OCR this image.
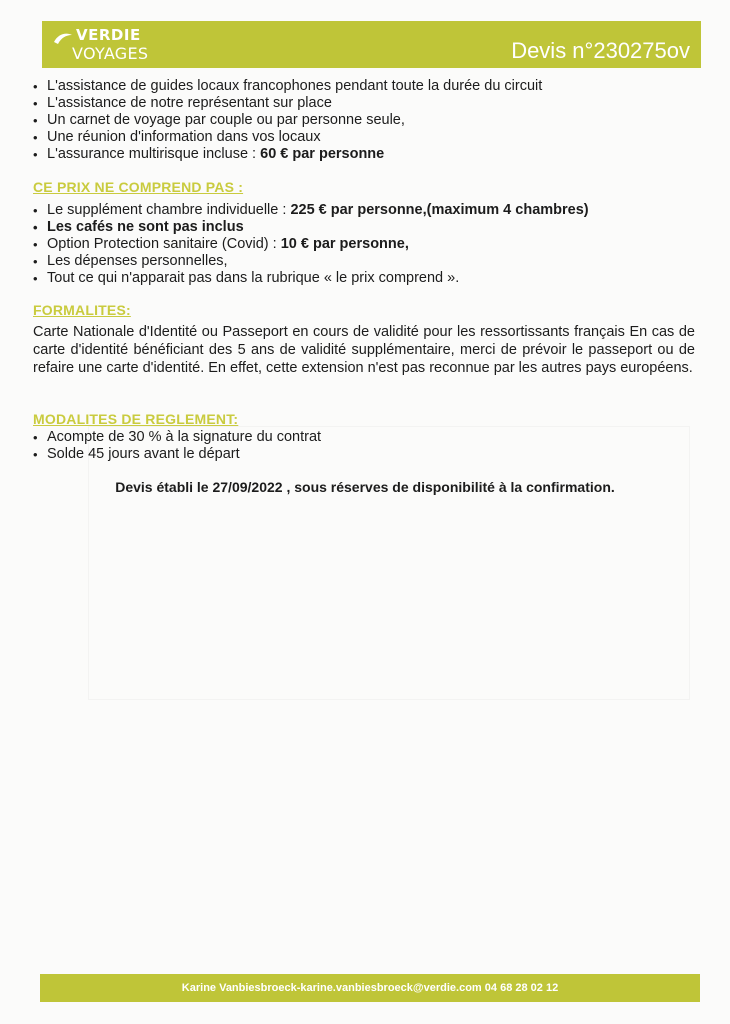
VERDIE
VOYAGES	Devis n°230275ov
• L'assistance de guides locaux francophones pendant toute la durée du circuit
• L'assistance de notre représentant sur place
• Un carnet de voyage par couple ou par personne seule,
• Une réunion d'information dans vos locaux
• L'assurance multirisque incluse : 60 € par personne
CE PRIX NE COMPREND PAS :
• Le supplément chambre individuelle : 225 € par personne,(maximum 4 chambres)
• Les cafés ne sont pas inclus
• Option Protection sanitaire (Covid) : 10 € par personne,
• Les dépenses personnelles,
• Tout ce qui n'apparait pas dans la rubrique « le prix comprend ».
FORMALITES:
Carte Nationale d'Identité ou Passeport en cours de validité pour les ressortissants français En cas de carte d'identité bénéficiant des 5 ans de validité supplémentaire, merci de prévoir le passeport ou de refaire une carte d'identité. En effet, cette extension n'est pas reconnue par les autres pays européens.
MODALITES DE REGLEMENT:
• Acompte de 30 % à la signature du contrat
• Solde 45 jours avant le départ
Devis établi le 27/09/2022 , sous réserves de disponibilité à la confirmation.
Karine Vanbiesbroeck-karine.vanbiesbroeck@verdie.com 04 68 28 02 12
